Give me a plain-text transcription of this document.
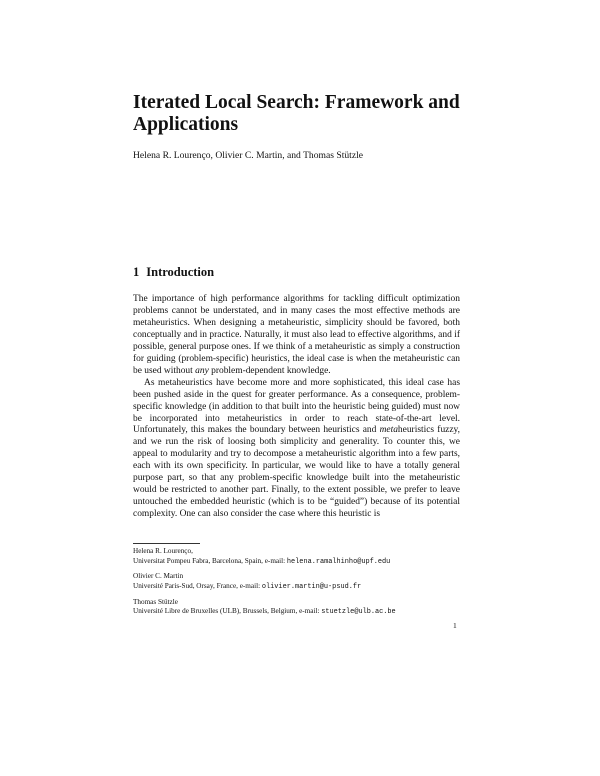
Iterated Local Search: Framework and Applications

Helena R. Lourenço, Olivier C. Martin, and Thomas Stützle

1 Introduction

The importance of high performance algorithms for tackling difficult optimization problems cannot be understated, and in many cases the most effective methods are metaheuristics. When designing a metaheuristic, simplicity should be favored, both conceptually and in practice. Naturally, it must also lead to effective algorithms, and if possible, general purpose ones. If we think of a metaheuristic as simply a construction for guiding (problem-specific) heuristics, the ideal case is when the metaheuristic can be used without any problem-dependent knowledge.

As metaheuristics have become more and more sophisticated, this ideal case has been pushed aside in the quest for greater performance. As a consequence, problem-specific knowledge (in addition to that built into the heuristic being guided) must now be incorporated into metaheuristics in order to reach state-of-the-art level. Unfortunately, this makes the boundary between heuristics and metaheuristics fuzzy, and we run the risk of loosing both simplicity and generality. To counter this, we appeal to modularity and try to decompose a metaheuristic algorithm into a few parts, each with its own specificity. In particular, we would like to have a totally general purpose part, so that any problem-specific knowledge built into the metaheuristic would be restricted to another part. Finally, to the extent possible, we prefer to leave untouched the embedded heuristic (which is to be “guided”) because of its potential complexity. One can also consider the case where this heuristic is

Helena R. Lourenço,
Universitat Pompeu Fabra, Barcelona, Spain, e-mail: helena.ramalhinho@upf.edu
Olivier C. Martin
Université Paris-Sud, Orsay, France, e-mail: olivier.martin@u-psud.fr
Thomas Stützle
Université Libre de Bruxelles (ULB), Brussels, Belgium, e-mail: stuetzle@ulb.ac.be
1
